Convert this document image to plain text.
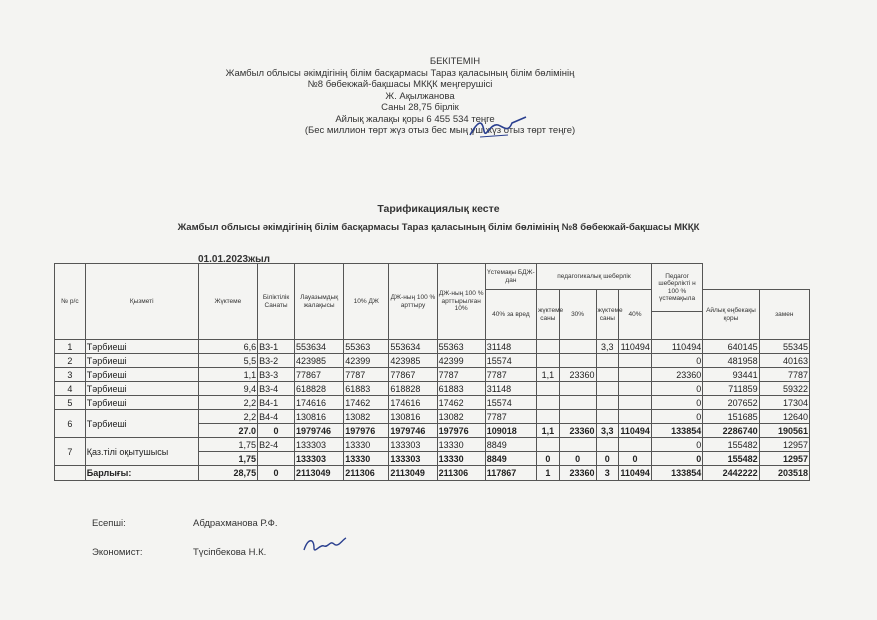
БЕКІТЕМІН
Жамбыл облысы әкімдігінің білім басқармасы Тараз қаласының білім бөлімінің
№8 бөбекжай-бақшасы МКҚК меңгерушісі
Ж. Ақылжанова
Саны 28,75 бірлік
Айлық жалақы қоры 6 455 534 теңге
(Бес миллион төрт жүз отыз бес мың үш жүз отыз төрт теңге)
Тарификациялық кесте
Жамбыл облысы әкімдігінің білім басқармасы Тараз қаласының білім бөлімінің №8 бөбекжай-бақшасы МКҚК
01.01.2023жыл
№ р/с	Қызметі	Жүктеме	Біліктілік Санаты	Лауазымдық жалақысы	10% ДЖ	ДЖ-ның 100 % арттыру	ДЖ-ның 100 % арттырылған 10%	Үстемақы БДЖ-дан	педагогикалық шеберлік				Педагог шеберлікті н 100 % үстемақыла		
								40% за вред	жүктеме саны	30%	жүктеме саны	40%		Айлық еңбекақы қоры	замен

1	Тәрбиеші	6,6	В3-1	553634	55363	553634	55363	31148			3,3	110494	110494	640145	55345
2	Тәрбиеші	5,5	В3-2	423985	42399	423985	42399	15574					0	481958	40163
3	Тәрбиеші	1,1	В3-3	77867	7787	77867	7787	7787	1,1	23360			23360	93441	7787
4	Тәрбиеші	9,4	В3-4	618828	61883	618828	61883	31148					0	711859	59322
5	Тәрбиеші	2,2	В4-1	174616	17462	174616	17462	15574					0	207652	17304
6	Тәрбиеші	2,2	В4-4	130816	13082	130816	13082	7787					0	151685	12640
		27.0	0	1979746	197976	1979746	197976	109018	1,1	23360	3,3	110494	133854	2286740	190561
7	Қаз.тілі оқытушысы	1,75	В2-4	133303	13330	133303	13330	8849					0	155482	12957
		1,75		133303	13330	133303	13330	8849	0	0	0	0	0	155482	12957
	Барлығы:	28,75	0	2113049	211306	2113049	211306	117867	1	23360	3	110494	133854	2442222	203518
Есепші:	Абдрахманова Р.Ф.
Экономист:	Түсіпбекова Н.К.
